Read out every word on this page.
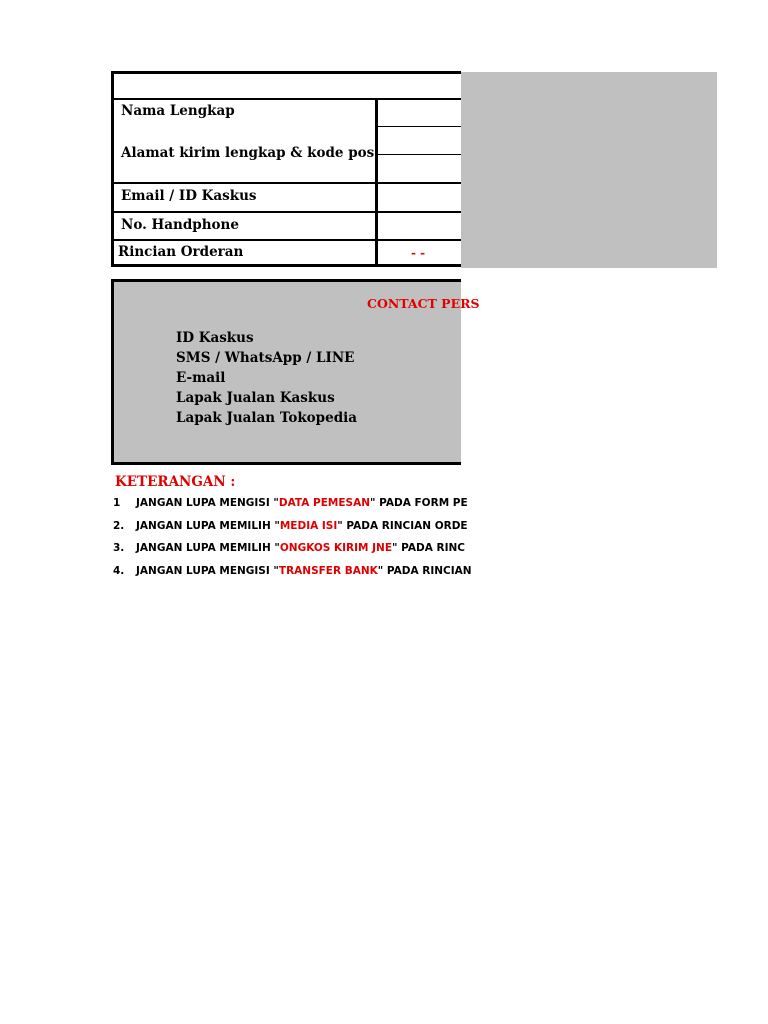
Nama Lengkap
Alamat kirim lengkap & kode pos
Email / ID Kaskus
No. Handphone
Rincian Orderan	- -
CONTACT PERS
ID Kaskus
SMS / WhatsApp / LINE
E-mail
Lapak Jualan Kaskus
Lapak Jualan Tokopedia
KETERANGAN :
1	JANGAN LUPA MENGISI "DATA PEMESAN" PADA FORM PE
2.	JANGAN LUPA MEMILIH "MEDIA ISI" PADA RINCIAN ORDE
3.	JANGAN LUPA MEMILIH "ONGKOS KIRIM JNE" PADA RINC
4.	JANGAN LUPA MENGISI "TRANSFER BANK" PADA RINCIAN
